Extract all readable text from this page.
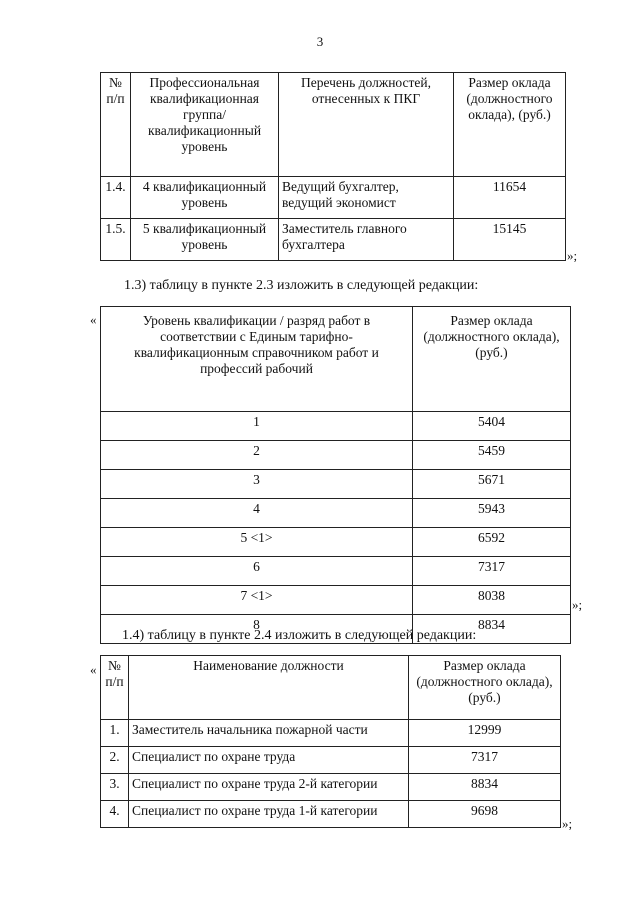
3
№ п/п	Профессиональная квалификационная группа/ квалификационный уровень	Перечень должностей, отнесенных к ПКГ	Размер оклада (должностного оклада), (руб.)
1.4.	4 квалификационный уровень	Ведущий бухгалтер, ведущий экономист	11654
1.5.	5 квалификационный уровень	Заместитель главного бухгалтера	15145
»;
1.3) таблицу в пункте 2.3 изложить в следующей редакции:
«	Уровень квалификации / разряд работ в соответствии с Единым тарифно-квалификационным справочником работ и профессий рабочий	Размер оклада (должностного оклада), (руб.)
1	5404
2	5459
3	5671
4	5943
5 <1>	6592
6	7317
7 <1>	8038
8	8834
»;
1.4) таблицу в пункте 2.4 изложить в следующей редакции:
« № п/п	Наименование должности	Размер оклада (должностного оклада), (руб.)
1.	Заместитель начальника пожарной части	12999
2.	Специалист по охране труда	7317
3.	Специалист по охране труда 2-й категории	8834
4.	Специалист по охране труда 1-й категории	9698
»;
